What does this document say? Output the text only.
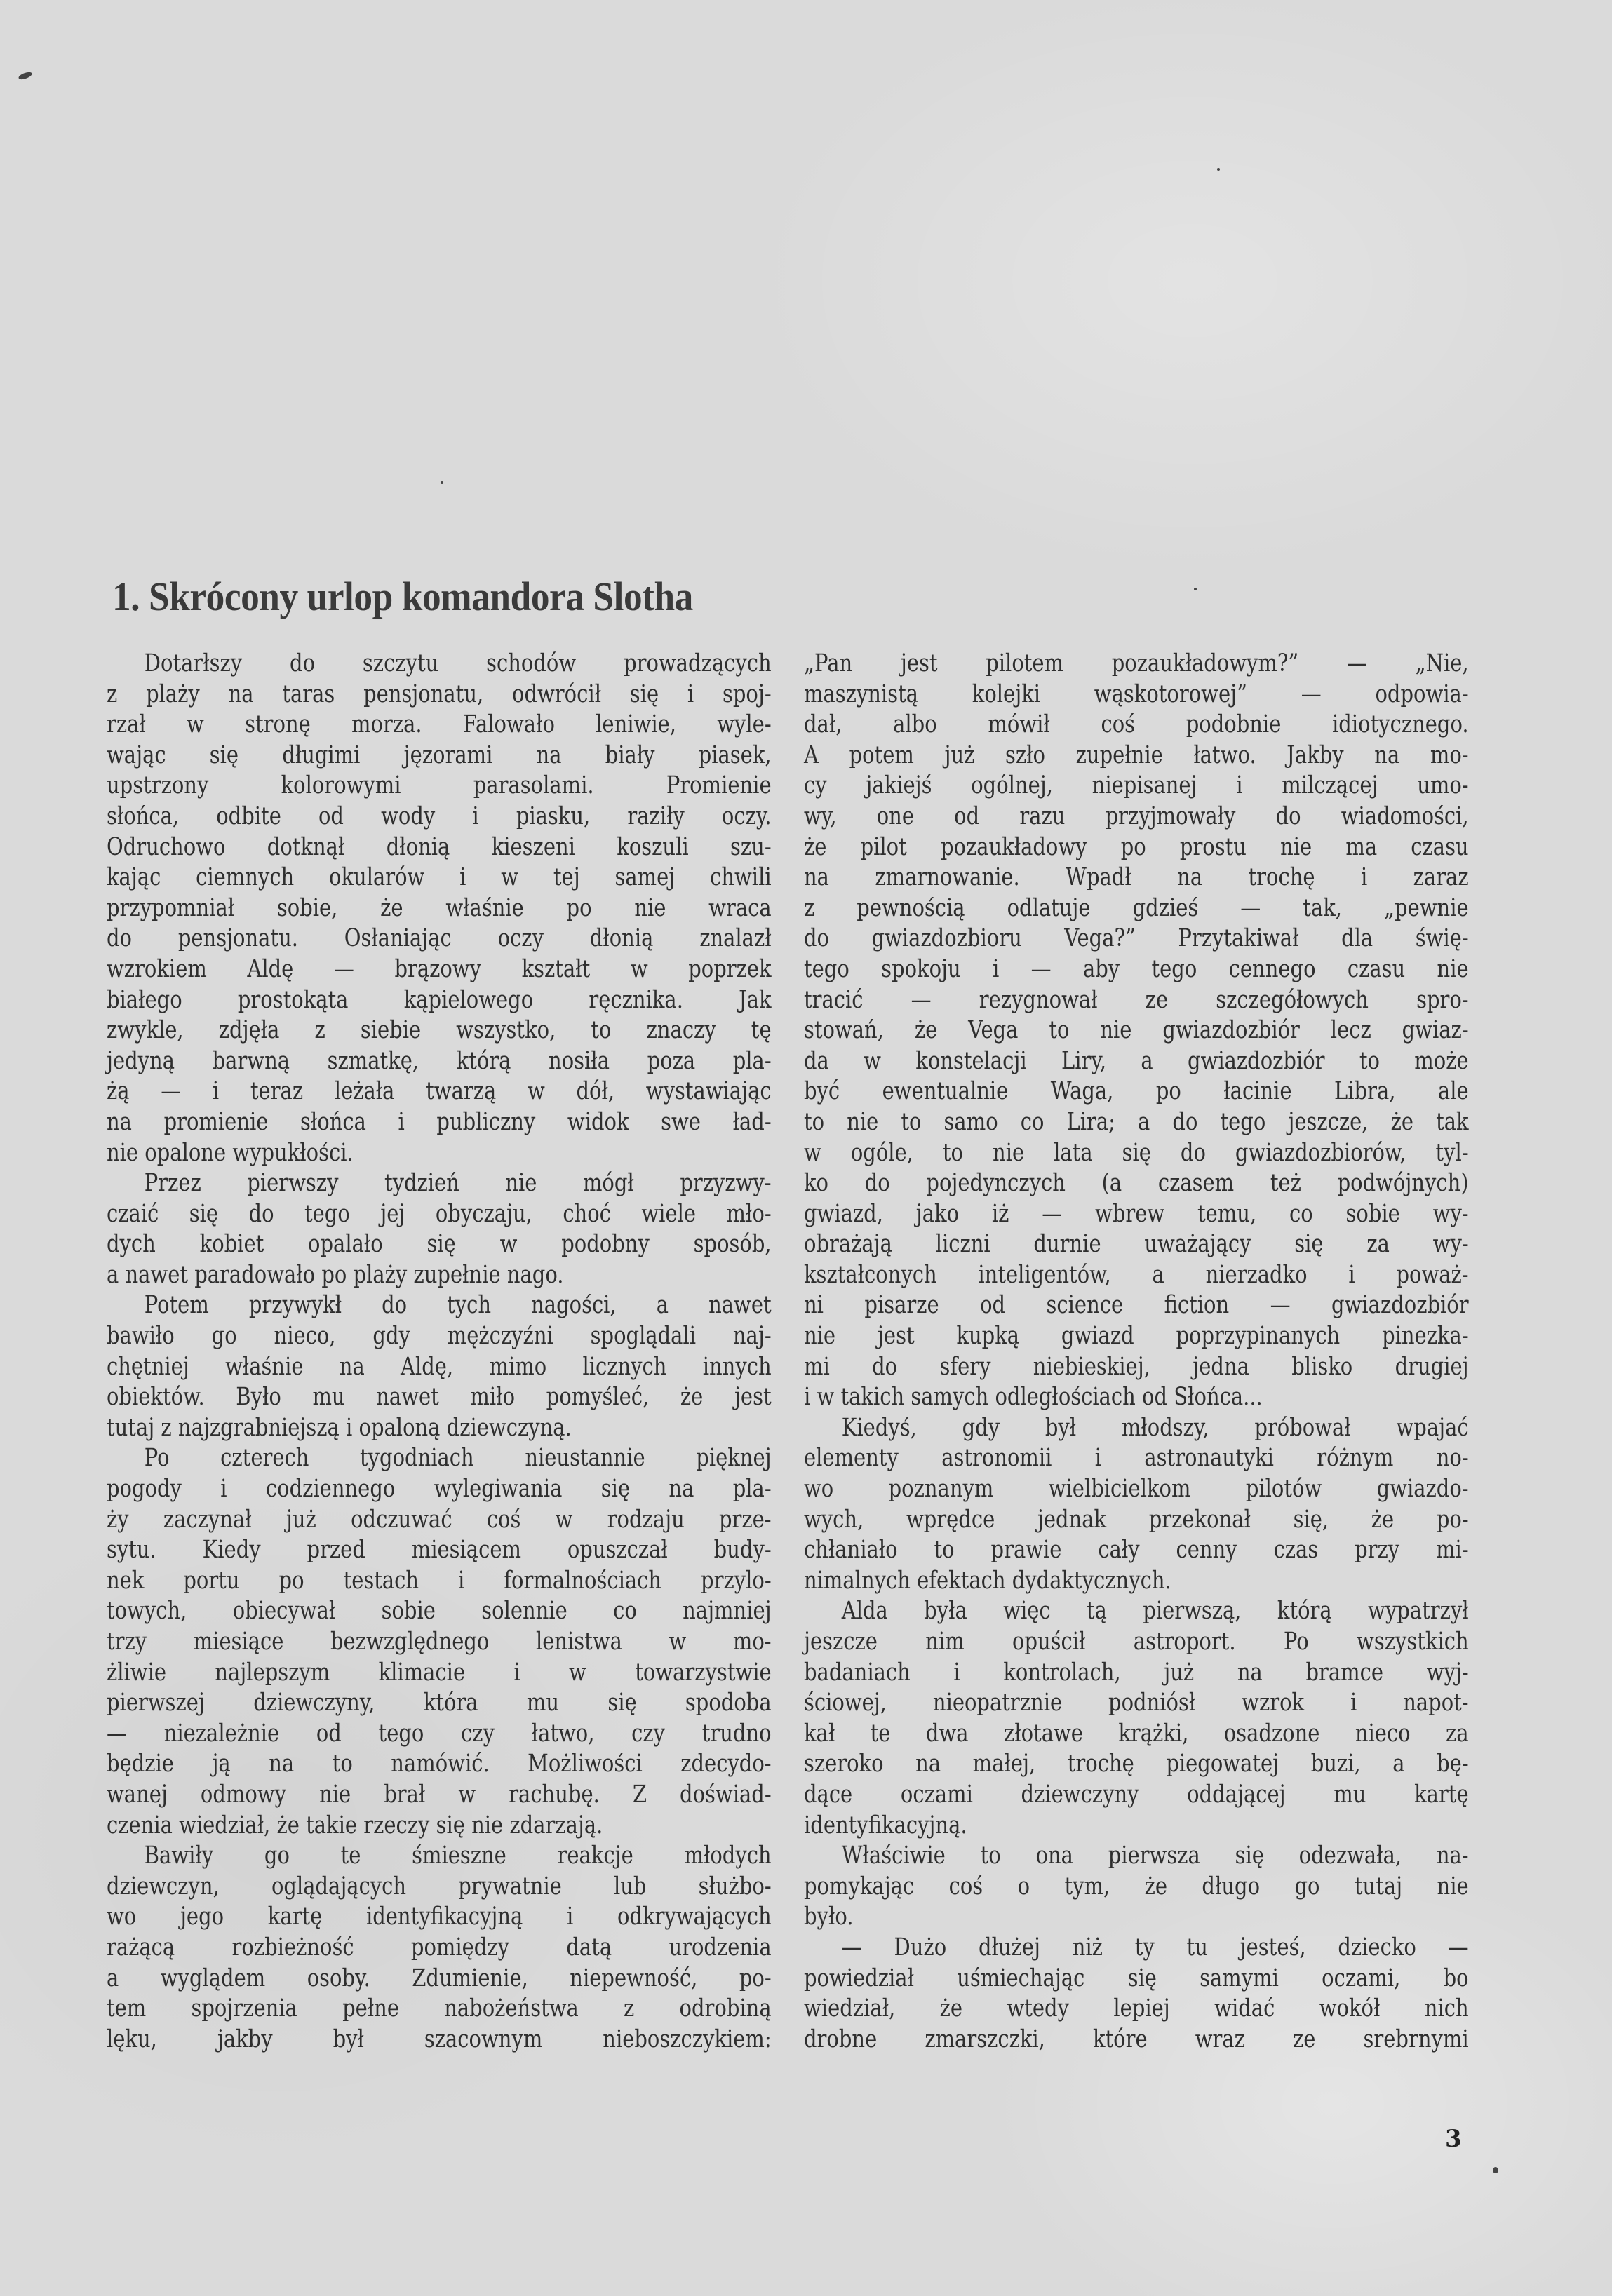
1. Skrócony urlop komandora Slotha
Dotarłszy do szczytu schodów prowadzących
z plaży na taras pensjonatu, odwrócił się i spoj-
rzał w stronę morza. Falowało leniwie, wyle-
wając się długimi jęzorami na biały piasek,
upstrzony kolorowymi parasolami. Promienie
słońca, odbite od wody i piasku, raziły oczy.
Odruchowo dotknął dłonią kieszeni koszuli szu-
kając ciemnych okularów i w tej samej chwili
przypomniał sobie, że właśnie po nie wraca
do pensjonatu. Osłaniając oczy dłonią znalazł
wzrokiem Aldę — brązowy kształt w poprzek
białego prostokąta kąpielowego ręcznika. Jak
zwykle, zdjęła z siebie wszystko, to znaczy tę
jedyną barwną szmatkę, którą nosiła poza pla-
żą — i teraz leżała twarzą w dół, wystawiając
na promienie słońca i publiczny widok swe ład-
nie opalone wypukłości.
Przez pierwszy tydzień nie mógł przyzwy-
czaić się do tego jej obyczaju, choć wiele mło-
dych kobiet opalało się w podobny sposób,
a nawet paradowało po plaży zupełnie nago.
Potem przywykł do tych nagości, a nawet
bawiło go nieco, gdy mężczyźni spoglądali naj-
chętniej właśnie na Aldę, mimo licznych innych
obiektów. Było mu nawet miło pomyśleć, że jest
tutaj z najzgrabniejszą i opaloną dziewczyną.
Po czterech tygodniach nieustannie pięknej
pogody i codziennego wylegiwania się na pla-
ży zaczynał już odczuwać coś w rodzaju prze-
sytu. Kiedy przed miesiącem opuszczał budy-
nek portu po testach i formalnościach przylo-
towych, obiecywał sobie solennie co najmniej
trzy miesiące bezwzględnego lenistwa w mo-
żliwie najlepszym klimacie i w towarzystwie
pierwszej dziewczyny, która mu się spodoba
— niezależnie od tego czy łatwo, czy trudno
będzie ją na to namówić. Możliwości zdecydo-
wanej odmowy nie brał w rachubę. Z doświad-
czenia wiedział, że takie rzeczy się nie zdarzają.
Bawiły go te śmieszne reakcje młodych
dziewczyn, oglądających prywatnie lub służbo-
wo jego kartę identyfikacyjną i odkrywających
rażącą rozbieżność pomiędzy datą urodzenia
a wyglądem osoby. Zdumienie, niepewność, po-
tem spojrzenia pełne nabożeństwa z odrobiną
lęku, jakby był szacownym nieboszczykiem:
„Pan jest pilotem pozaukładowym?” — „Nie,
maszynistą kolejki wąskotorowej” — odpowia-
dał, albo mówił coś podobnie idiotycznego.
A potem już szło zupełnie łatwo. Jakby na mo-
cy jakiejś ogólnej, niepisanej i milczącej umo-
wy, one od razu przyjmowały do wiadomości,
że pilot pozaukładowy po prostu nie ma czasu
na zmarnowanie. Wpadł na trochę i zaraz
z pewnością odlatuje gdzieś — tak, „pewnie
do gwiazdozbioru Vega?” Przytakiwał dla świę-
tego spokoju i — aby tego cennego czasu nie
tracić — rezygnował ze szczegółowych spro-
stowań, że Vega to nie gwiazdozbiór lecz gwiaz-
da w konstelacji Liry, a gwiazdozbiór to może
być ewentualnie Waga, po łacinie Libra, ale
to nie to samo co Lira; a do tego jeszcze, że tak
w ogóle, to nie lata się do gwiazdozbiorów, tyl-
ko do pojedynczych (a czasem też podwójnych)
gwiazd, jako iż — wbrew temu, co sobie wy-
obrażają liczni durnie uważający się za wy-
kształconych inteligentów, a nierzadko i poważ-
ni pisarze od science fiction — gwiazdozbiór
nie jest kupką gwiazd poprzypinanych pinezka-
mi do sfery niebieskiej, jedna blisko drugiej
i w takich samych odległościach od Słońca...
Kiedyś, gdy był młodszy, próbował wpajać
elementy astronomii i astronautyki różnym no-
wo poznanym wielbicielkom pilotów gwiazdo-
wych, wprędce jednak przekonał się, że po-
chłaniało to prawie cały cenny czas przy mi-
nimalnych efektach dydaktycznych.
Alda była więc tą pierwszą, którą wypatrzył
jeszcze nim opuścił astroport. Po wszystkich
badaniach i kontrolach, już na bramce wyj-
ściowej, nieopatrznie podniósł wzrok i napot-
kał te dwa złotawe krążki, osadzone nieco za
szeroko na małej, trochę piegowatej buzi, a bę-
dące oczami dziewczyny oddającej mu kartę
identyfikacyjną.
Właściwie to ona pierwsza się odezwała, na-
pomykając coś o tym, że długo go tutaj nie
było.
— Dużo dłużej niż ty tu jesteś, dziecko —
powiedział uśmiechając się samymi oczami, bo
wiedział, że wtedy lepiej widać wokół nich
drobne zmarszczki, które wraz ze srebrnymi
3
